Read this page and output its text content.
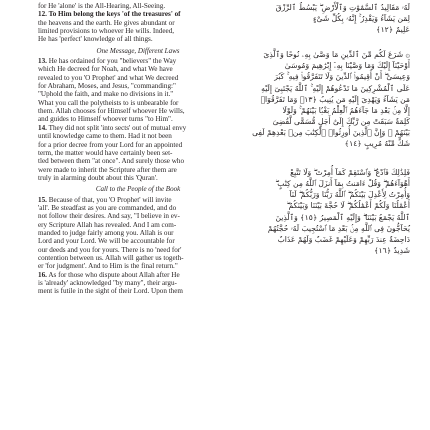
for He 'alone' is the All-Hearing, All-Seeing.

12. To Him belong the keys 'of the treasures' of

the heavens and the earth. He gives abundant or

limited provisions to whoever He wills. Indeed,

He has 'perfect' knowledge of all things.

One Message, Different Laws

13. He has ordained for you "believers" the Way

which He decreed for Noah, and what We have

revealed to you 'O Prophet' and what We decreed

for Abraham, Moses, and Jesus, "commanding:"

"Uphold the faith, and make no divisions in it."

What you call the polytheists to is unbearable for

them. Allah chooses for Himself whoever He wills,

and guides to Himself whoever turns "to Him".

14. They did not split 'into sects' out of mutual envy

until knowledge came to them. Had it not been

for a prior decree from your Lord for an appointed

term, the matter would have certainly been set-

tled between them "at once". And surely those who

were made to inherit the Scripture after them are

truly in alarming doubt about this 'Quran'.

Call to the People of the Book

15. Because of that, you 'O Prophet' will invite

'all'. Be steadfast as you are commanded, and do

not follow their desires. And say, "I believe in ev-

ery Scripture Allah has revealed. And I am com-

manded to judge fairly among you. Allah is our

Lord and your Lord. We will be accountable for

our deeds and you for yours. There is no 'need for'

contention between us. Allah will gather us togeth-

er 'for judgment'. And to Him is the final return."

16. As for those who dispute about Allah after He

is 'already' acknowledged "by many", their argu-

ment is futile in the sight of their Lord. Upon them

لَهُۥ مَقَالِيدُ ٱلسَّمَٰوَٰتِ وَٱلْأَرْضِ ۖ يَبْسُطُ ٱلرِّزْقَ

لِمَن يَشَآءُ وَيَقْدِرُ ۚ إِنَّهُۥ بِكُلِّ شَىْءٍ

عَلِيمٌ ﴿١٢﴾

۞ شَرَعَ لَكُم مِّنَ ٱلدِّينِ مَا وَصَّىٰ بِهِۦ نُوحًا وَٱلَّذِىٓ

أَوْحَيْنَآ إِلَيْكَ وَمَا وَصَّيْنَا بِهِۦٓ إِبْرَٰهِيمَ وَمُوسَىٰ

وَعِيسَىٰٓ ۖ أَنْ أَقِيمُوا۟ ٱلدِّينَ وَلَا تَتَفَرَّقُوا۟ فِيهِ ۚ كَبُرَ

عَلَى ٱلْمُشْرِكِينَ مَا تَدْعُوهُمْ إِلَيْهِ ۚ ٱللَّهُ يَجْتَبِىٓ إِلَيْهِ

مَن يَشَآءُ وَيَهْدِىٓ إِلَيْهِ مَن يُنِيبُ ﴿١٣﴾ وَمَا تَفَرَّقُوٓا۟

إِلَّا مِنۢ بَعْدِ مَا جَآءَهُمُ ٱلْعِلْمُ بَغْيًۢا بَيْنَهُمْ ۚ وَلَوْلَا

كَلِمَةٌ سَبَقَتْ مِن رَّبِّكَ إِلَىٰٓ أَجَلٍ مُّسَمًّى لَّقُضِىَ

بَيْنَهُمْ ۚ وَإِنَّ ٱلَّذِينَ أُورِثُوا۟ ٱلْكِتَٰبَ مِنۢ بَعْدِهِمْ لَفِى

شَكٍّ مِّنْهُ مُرِيبٍ ﴿١٤﴾

فَلِذَٰلِكَ فَٱدْعُ ۖ وَٱسْتَقِمْ كَمَآ أُمِرْتَ ۖ وَلَا تَتَّبِعْ

أَهْوَآءَهُمْ ۖ وَقُلْ ءَامَنتُ بِمَآ أَنزَلَ ٱللَّهُ مِن كِتَٰبٍ ۖ

وَأُمِرْتُ لِأَعْدِلَ بَيْنَكُمُ ۖ ٱللَّهُ رَبُّنَا وَرَبُّكُمْ ۖ لَنَآ

أَعْمَٰلُنَا وَلَكُمْ أَعْمَٰلُكُمْ ۖ لَا حُجَّةَ بَيْنَنَا وَبَيْنَكُمُ ۖ

ٱللَّهُ يَجْمَعُ بَيْنَنَا ۖ وَإِلَيْهِ ٱلْمَصِيرُ ﴿١٥﴾ وَٱلَّذِينَ

يُحَآجُّونَ فِى ٱللَّهِ مِنۢ بَعْدِ مَا ٱسْتُجِيبَ لَهُۥ حُجَّتُهُمْ

دَاحِضَةٌ عِندَ رَبِّهِمْ وَعَلَيْهِمْ غَضَبٌ وَلَهُمْ عَذَابٌ

شَدِيدٌ ﴿١٦﴾
